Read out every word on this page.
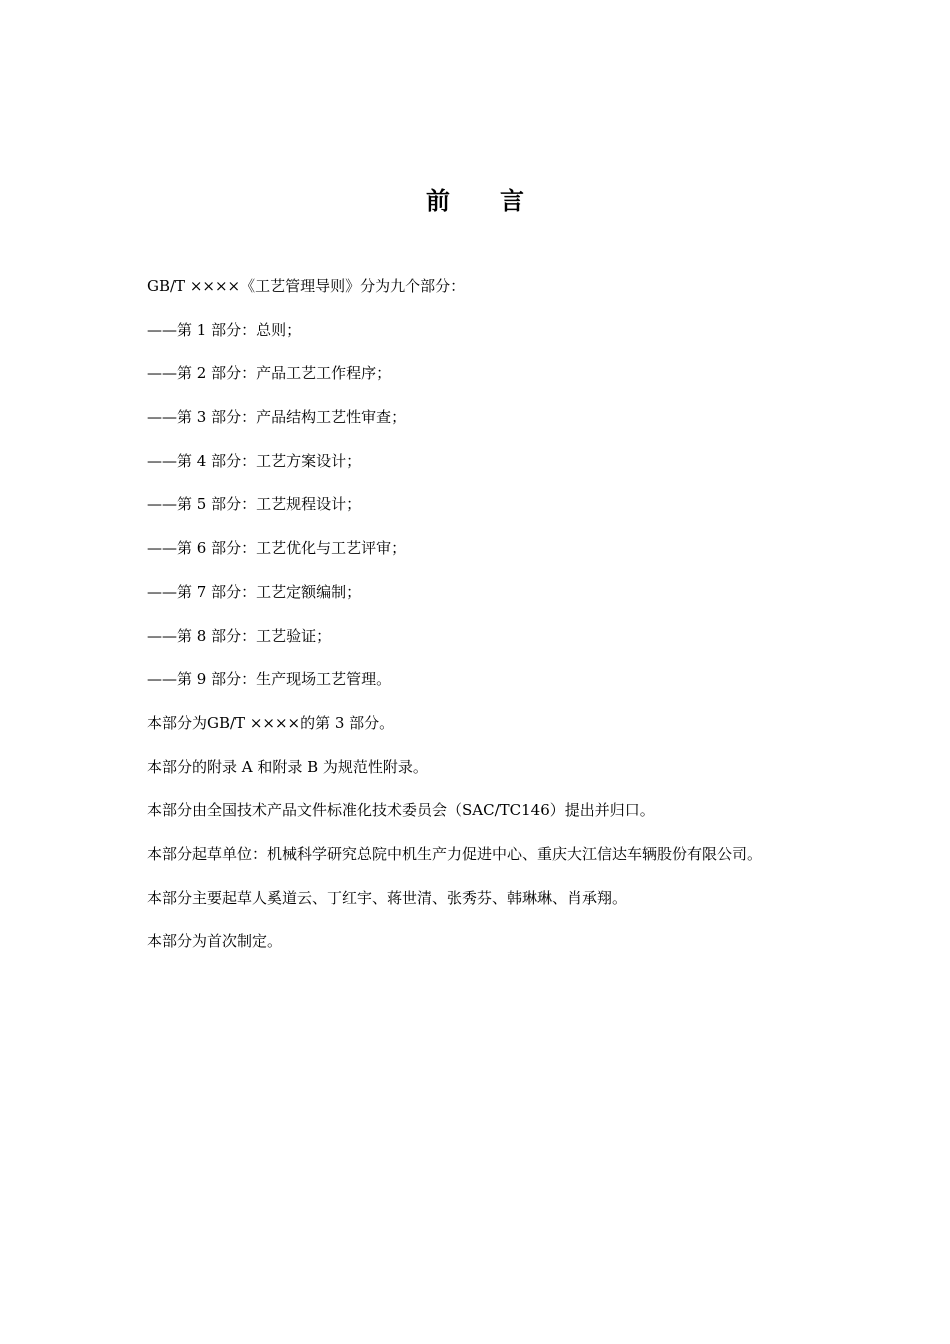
前 言

GB/T ××××《工艺管理导则》分为九个部分：

——第 1 部分：总则；

——第 2 部分：产品工艺工作程序；

——第 3 部分：产品结构工艺性审查；

——第 4 部分：工艺方案设计；

——第 5 部分：工艺规程设计；

——第 6 部分：工艺优化与工艺评审；

——第 7 部分：工艺定额编制；

——第 8 部分：工艺验证；

——第 9 部分：生产现场工艺管理。

本部分为GB/T ××××的第 3 部分。

本部分的附录 A 和附录 B 为规范性附录。

本部分由全国技术产品文件标准化技术委员会（SAC/TC146）提出并归口。

本部分起草单位：机械科学研究总院中机生产力促进中心、重庆大江信达车辆股份有限公司。

本部分主要起草人奚道云、丁红宇、蒋世清、张秀芬、韩琳琳、肖承翔。

本部分为首次制定。
